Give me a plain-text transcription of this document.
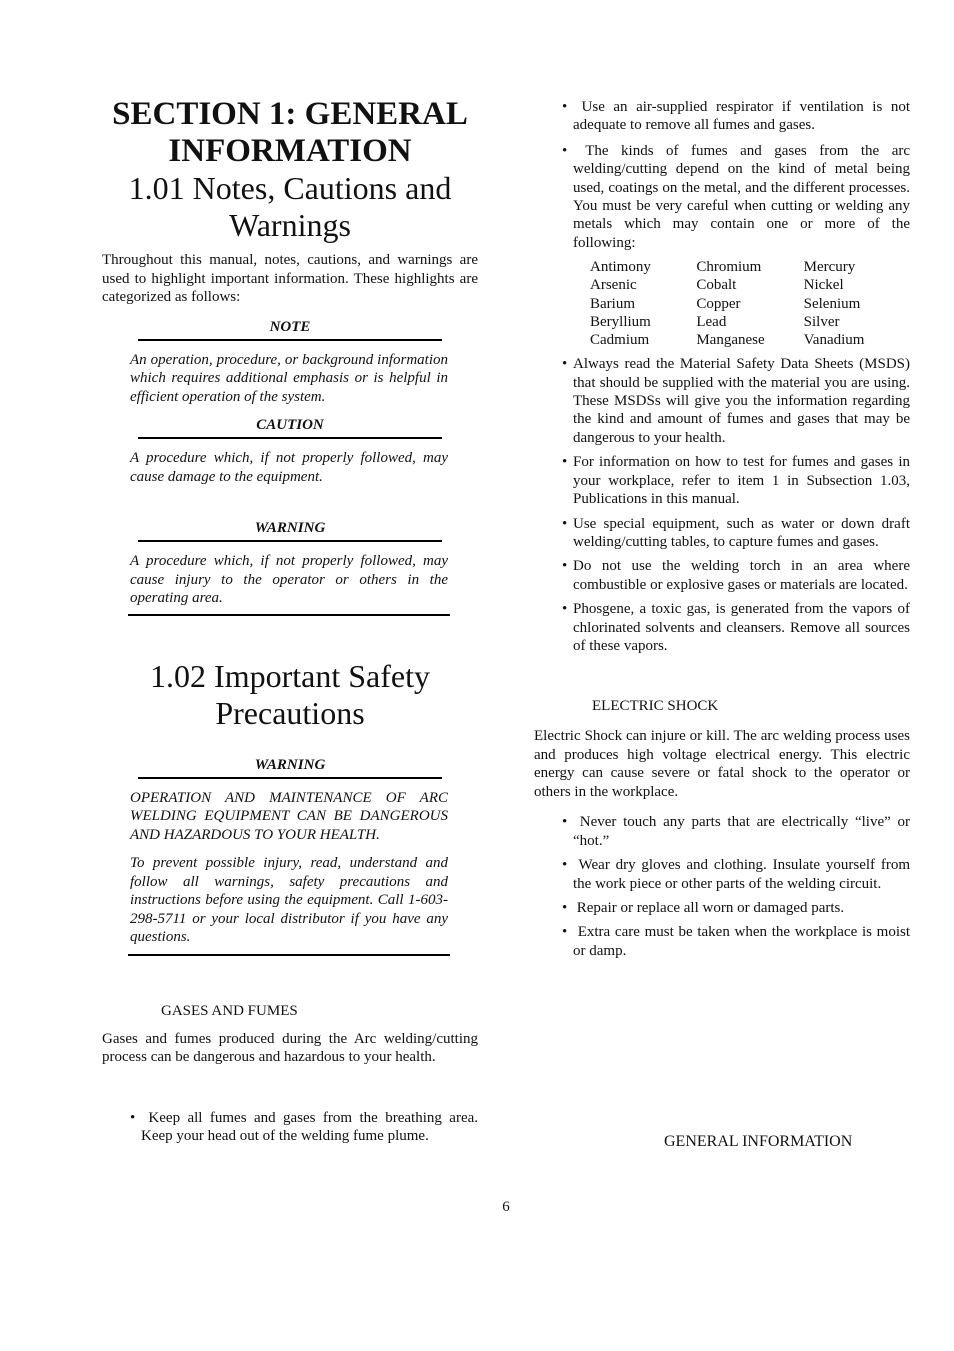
SECTION 1: GENERAL
INFORMATION
1.01 Notes, Cautions and
Warnings

Throughout this manual, notes, cautions, and warnings are used to highlight important information. These highlights are categorized as follows:

NOTE
An operation, procedure, or background information which requires additional emphasis or is helpful in efficient operation of the system.
CAUTION
A procedure which, if not properly followed, may cause damage to the equipment.
WARNING
A procedure which, if not properly followed, may cause injury to the operator or others in the operating area.
1.02 Important Safety
Precautions
WARNING
OPERATION AND MAINTENANCE OF ARC WELDING EQUIPMENT CAN BE DANGEROUS AND HAZARDOUS TO YOUR HEALTH.
To prevent possible injury, read, understand and follow all warnings, safety precautions and instructions before using the equipment. Call 1-603-298-5711 or your local distributor if you have any questions.
GASES AND FUMES

Gases and fumes produced during the Arc welding/cutting process can be dangerous and hazardous to your health.

• Keep all fumes and gases from the breathing area. Keep your head out of the welding fume plume.
• Use an air-supplied respirator if ventilation is not adequate to remove all fumes and gases.
• The kinds of fumes and gases from the arc welding/cutting depend on the kind of metal being used, coatings on the metal, and the different processes. You must be very careful when cutting or welding any metals which may contain one or more of the following:
Antimony	Chromium	Mercury
Arsenic	Cobalt	Nickel
Barium	Copper	Selenium
Beryllium	Lead	Silver
Cadmium	Manganese	Vanadium
• Always read the Material Safety Data Sheets (MSDS) that should be supplied with the material you are using. These MSDSs will give you the information regarding the kind and amount of fumes and gases that may be dangerous to your health.
• For information on how to test for fumes and gases in your workplace, refer to item 1 in Subsection 1.03, Publications in this manual.
• Use special equipment, such as water or down draft welding/cutting tables, to capture fumes and gases.
• Do not use the welding torch in an area where combustible or explosive gases or materials are located.
• Phosgene, a toxic gas, is generated from the vapors of chlorinated solvents and cleansers. Remove all sources of these vapors.
ELECTRIC SHOCK

Electric Shock can injure or kill. The arc welding process uses and produces high voltage electrical energy. This electric energy can cause severe or fatal shock to the operator or others in the workplace.

• Never touch any parts that are electrically “live” or “hot.”
• Wear dry gloves and clothing. Insulate yourself from the work piece or other parts of the welding circuit.
• Repair or replace all worn or damaged parts.
• Extra care must be taken when the workplace is moist or damp.
GENERAL INFORMATION
6
